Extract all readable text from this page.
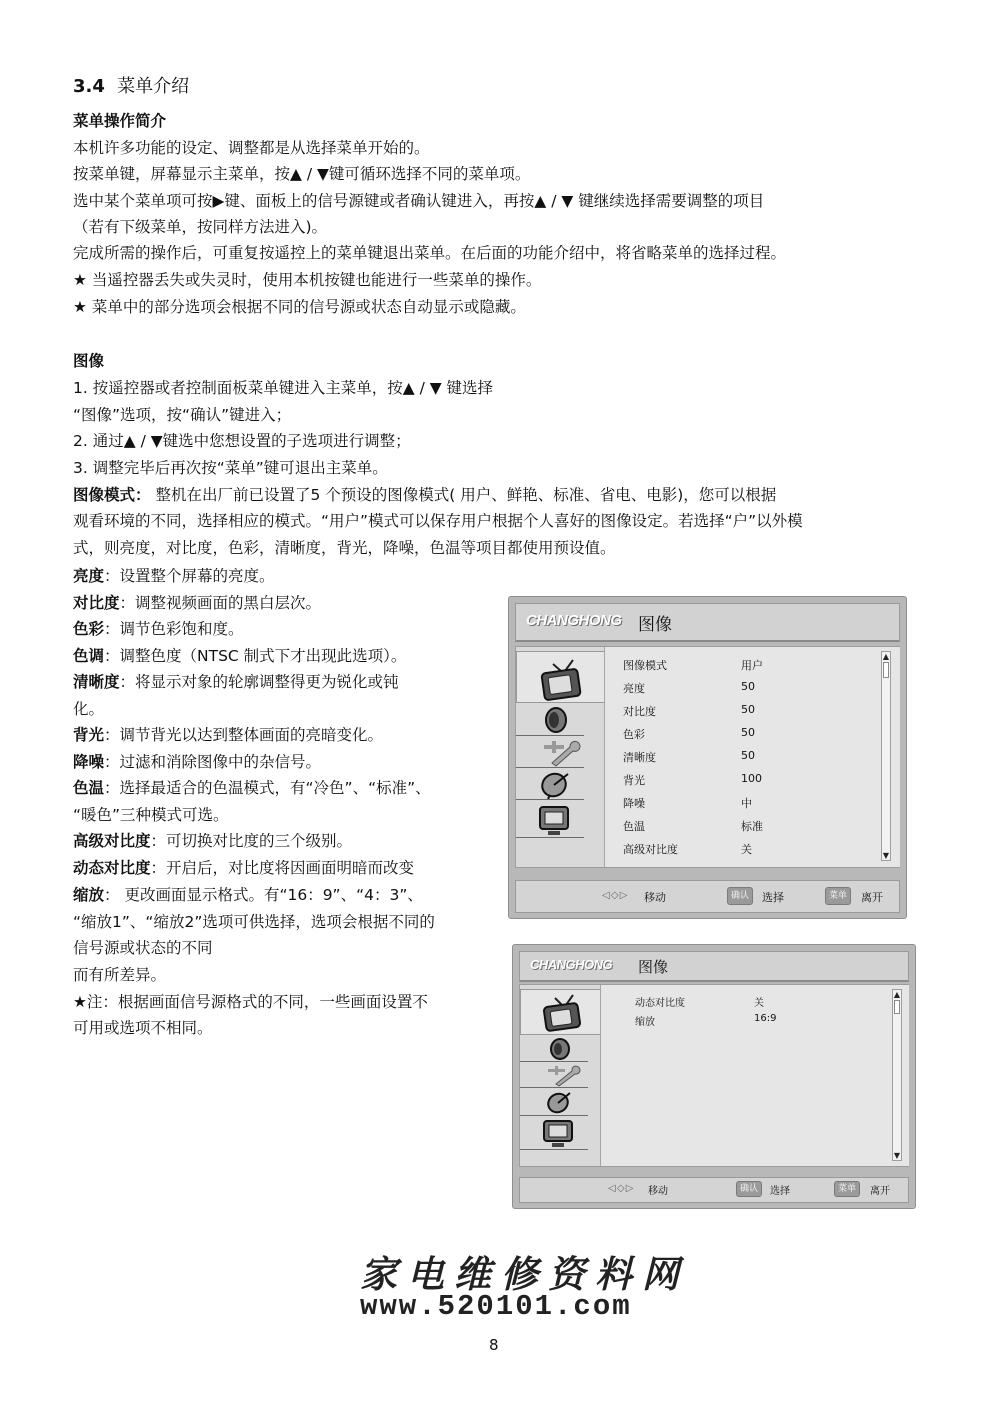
3.4 菜单介绍
菜单操作简介
本机许多功能的设定、调整都是从选择菜单开始的。
按菜单键，屏幕显示主菜单，按▲ / ▼键可循环选择不同的菜单项。
选中某个菜单项可按▶键、面板上的信号源键或者确认键进入，再按▲ / ▼ 键继续选择需要调整的项目
（若有下级菜单，按同样方法进入)。
完成所需的操作后，可重复按遥控上的菜单键退出菜单。在后面的功能介绍中，将省略菜单的选择过程。
★ 当遥控器丢失或失灵时，使用本机按键也能进行一些菜单的操作。
★ 菜单中的部分选项会根据不同的信号源或状态自动显示或隐藏。
图像
1. 按遥控器或者控制面板菜单键进入主菜单，按▲ / ▼ 键选择
“图像”选项，按“确认”键进入；
2. 通过▲ / ▼键选中您想设置的子选项进行调整；
3. 调整完毕后再次按“菜单”键可退出主菜单。
图像模式： 整机在出厂前已设置了5 个预设的图像模式( 用户、鲜艳、标准、省电、电影)，您可以根据
观看环境的不同，选择相应的模式。“用户”模式可以保存用户根据个人喜好的图像设定。若选择“户”以外模
式，则亮度，对比度，色彩，清晰度，背光，降噪，色温等项目都使用预设值。
亮度：设置整个屏幕的亮度。
对比度：调整视频画面的黑白层次。
色彩：调节色彩饱和度。
色调：调整色度（NTSC 制式下才出现此选项）。
清晰度：将显示对象的轮廓调整得更为锐化或钝
化。
背光：调节背光以达到整体画面的亮暗变化。
降噪：过滤和消除图像中的杂信号。
色温：选择最适合的色温模式，有“冷色”、“标准”、
“暖色”三种模式可选。
高级对比度：可切换对比度的三个级别。
动态对比度：开启后，对比度将因画面明暗而改变
缩放： 更改画面显示格式。有“16：9”、“4：3”、
“缩放1”、“缩放2”选项可供选择，选项会根据不同的
信号源或状态的不同
而有所差异。
★注：根据画面信号源格式的不同，一些画面设置不
可用或选项不相同。
CHANGHONG 图像
图像模式	用户
亮度	50
对比度	50
色彩	50
清晰度	50
背光	100
降噪	中
色温	标准
高级对比度	关
▲
▼
◁ ◇ ▷ 移动	确认	选择	菜单	离开
CHANGHONG 图像
动态对比度	关
缩放	16:9
▲
▼
◁ ◇ ▷ 移动	确认	选择	菜单	离开
家电维修资料网
www.520101.com
8
